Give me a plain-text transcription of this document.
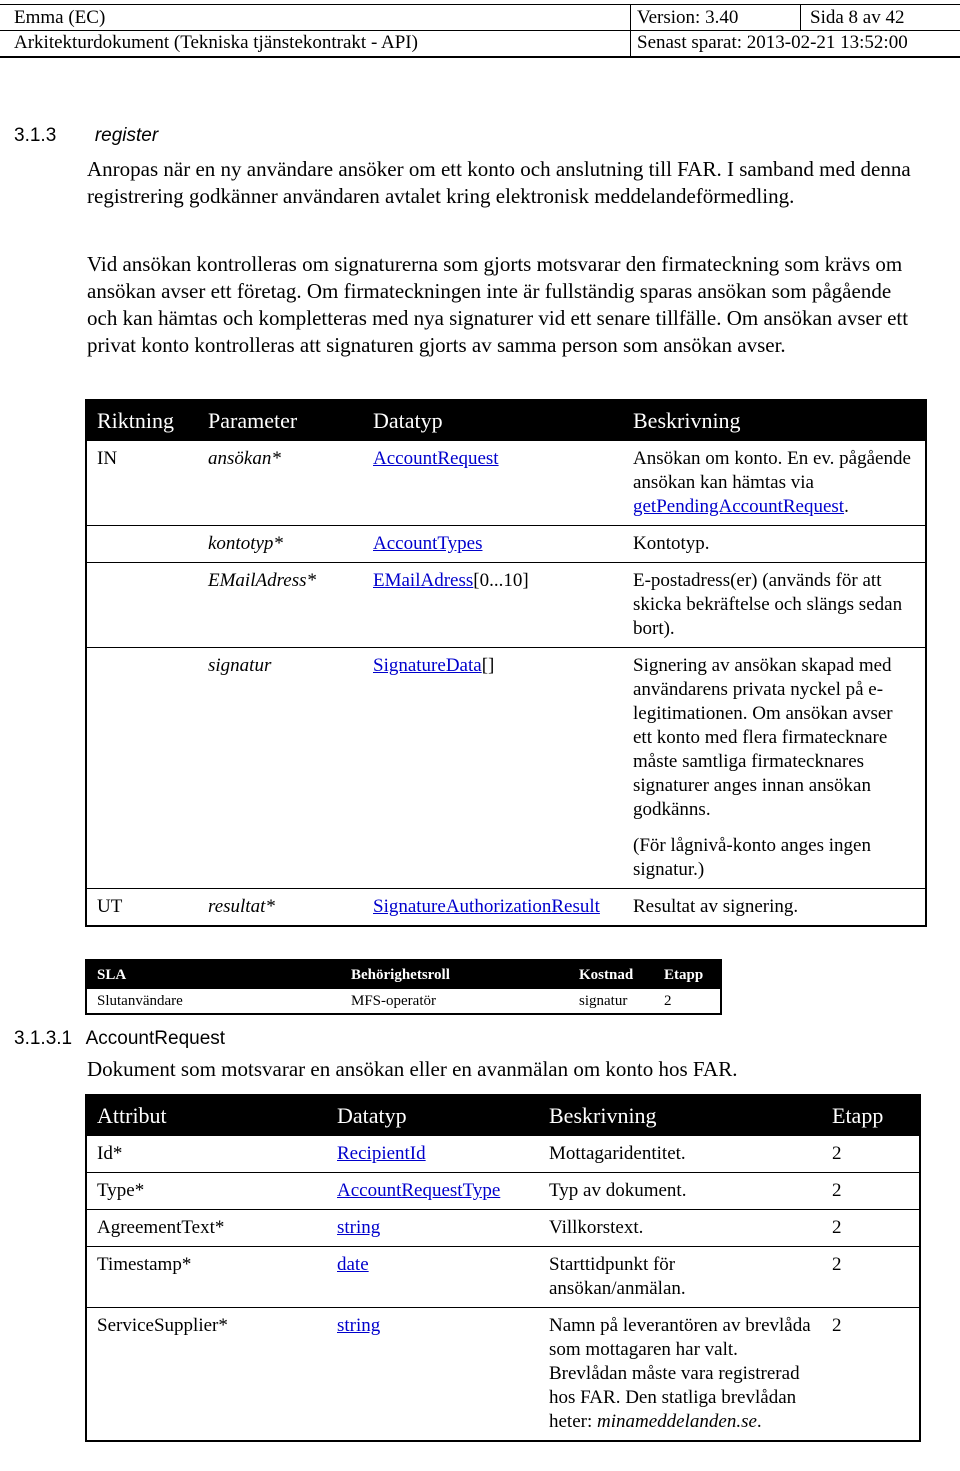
Emma (EC)	Version: 3.40	Sida 8 av 42
Arkitekturdokument (Tekniska tjänstekontrakt - API)	Senast sparat: 2013-02-21 13:52:00
3.1.3 register

Anropas när en ny användare ansöker om ett konto och anslutning till FAR. I samband med denna registrering godkänner användaren avtalet kring elektronisk meddelandeförmedling.

Vid ansökan kontrolleras om signaturerna som gjorts motsvarar den firmateckning som krävs om ansökan avser ett företag. Om firmateckningen inte är fullständig sparas ansökan som pågående och kan hämtas och kompletteras med nya signaturer vid ett senare tillfälle. Om ansökan avser ett privat konto kontrolleras att signaturen gjorts av samma person som ansökan avser.

Riktning	Parameter	Datatyp	Beskrivning
IN	ansökan*	AccountRequest	Ansökan om konto. En ev. pågående ansökan kan hämtas via getPendingAccountRequest.
	kontotyp*	AccountTypes	Kontotyp.
	EMailAdress*	EMailAdress[0...10]	E-postadress(er) (används för att skicka bekräftelse och slängs sedan bort).
	signatur	SignatureData[]	Signering av ansökan skapad med användarens privata nyckel på e-legitimationen. Om ansökan avser ett konto med flera firmatecknare måste samtliga firmatecknares signaturer anges innan ansökan godkänns.
(För lågnivå-konto anges ingen signatur.)

UT	resultat*	SignatureAuthorizationResult	Resultat av signering.
SLA	Behörighetsroll	Kostnad	Etapp
Slutanvändare	MFS-operatör	signatur	2
3.1.3.1 AccountRequest

Dokument som motsvarar en ansökan eller en avanmälan om konto hos FAR.

Attribut	Datatyp	Beskrivning	Etapp
Id*	RecipientId	Mottagaridentitet.	2
Type*	AccountRequestType	Typ av dokument.	2
AgreementText*	string	Villkorstext.	2
Timestamp*	date	Starttidpunkt för ansökan/anmälan.	2
ServiceSupplier*	string	Namn på leverantören av brevlåda som mottagaren har valt. Brevlådan måste vara registrerad hos FAR. Den statliga brevlådan heter: minameddelanden.se.	2
